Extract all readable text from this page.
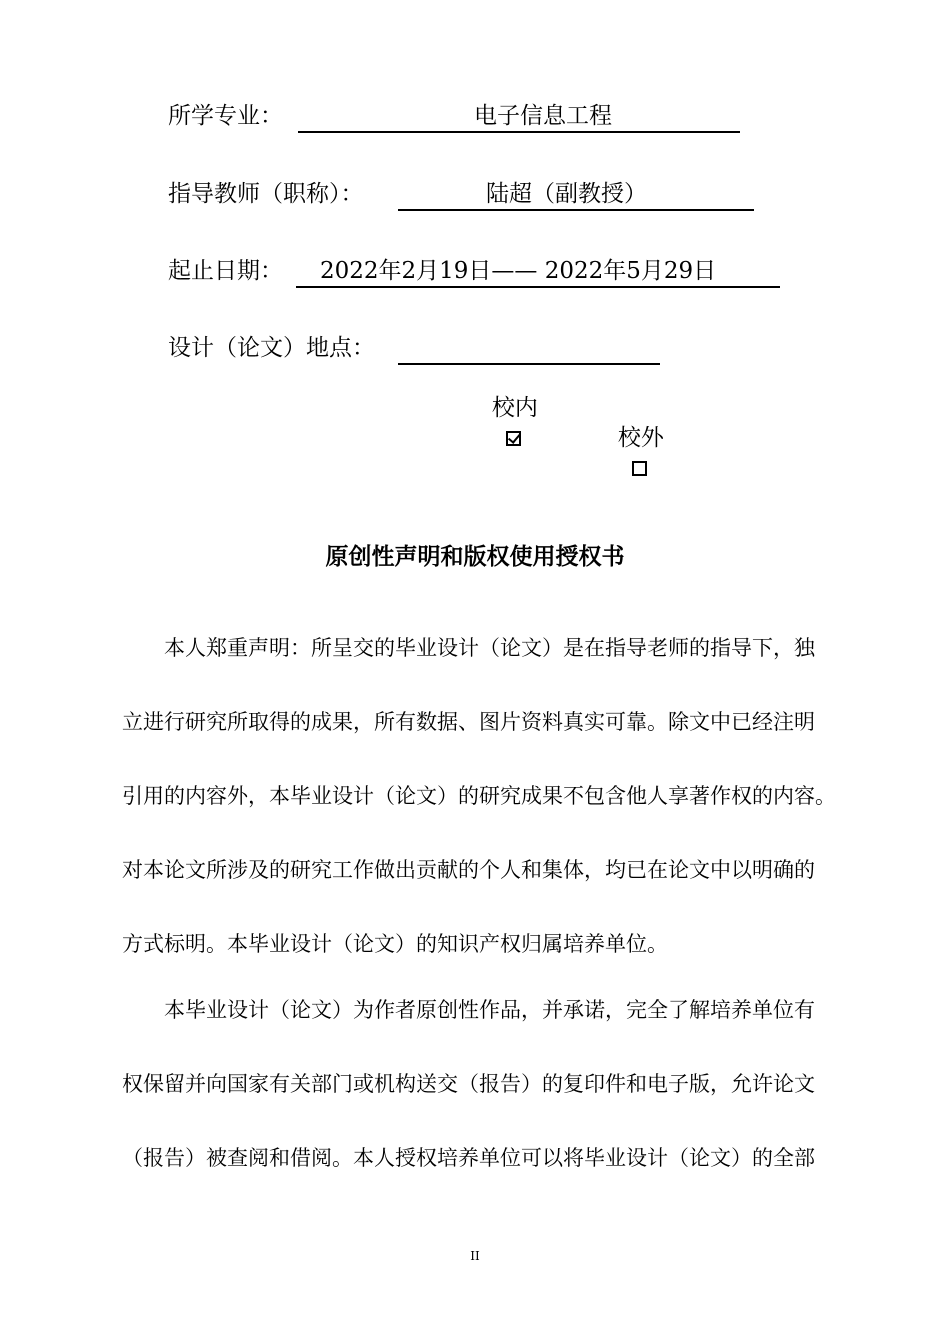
所学专业：	电子信息工程
指导教师（职称）：	陆超（副教授）
起止日期： 2022年2月19日—— 2022年5月29日
设计（论文）地点：

校内

校外

原创性声明和版权使用授权书
本人郑重声明：所呈交的毕业设计（论文）是在指导老师的指导下，独
立进行研究所取得的成果，所有数据、图片资料真实可靠。除文中已经注明
引用的内容外，本毕业设计（论文）的研究成果不包含他人享著作权的内容。
对本论文所涉及的研究工作做出贡献的个人和集体，均已在论文中以明确的
方式标明。本毕业设计（论文）的知识产权归属培养单位。
本毕业设计（论文）为作者原创性作品，并承诺，完全了解培养单位有
权保留并向国家有关部门或机构送交（报告）的复印件和电子版，允许论文
（报告）被查阅和借阅。本人授权培养单位可以将毕业设计（论文）的全部
II
